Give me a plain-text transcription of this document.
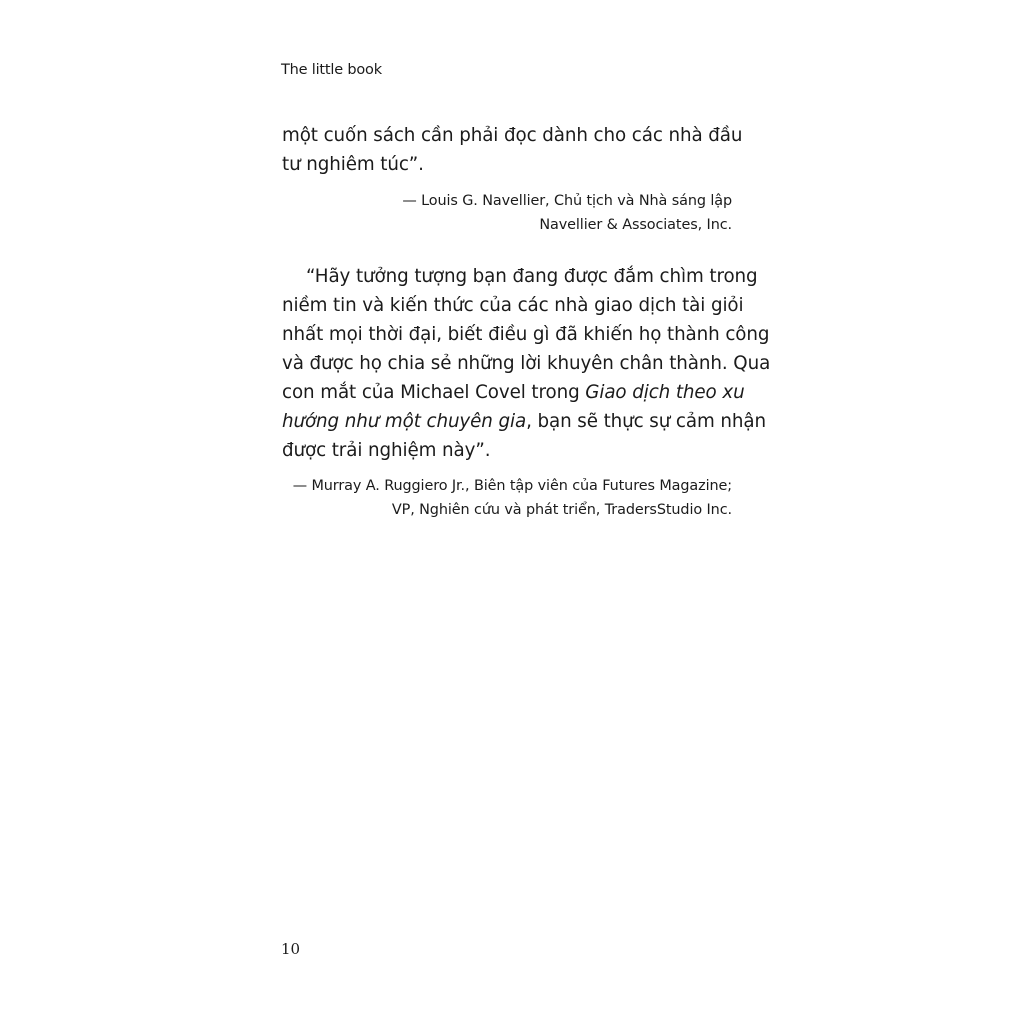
The little book
một cuốn sách cần phải đọc dành cho các nhà đầu
tư nghiêm túc”.
— Louis G. Navellier, Chủ tịch và Nhà sáng lập
Navellier & Associates, Inc.
“Hãy tưởng tượng bạn đang được đắm chìm trong
niềm tin và kiến thức của các nhà giao dịch tài giỏi
nhất mọi thời đại, biết điều gì đã khiến họ thành công
và được họ chia sẻ những lời khuyên chân thành. Qua
con mắt của Michael Covel trong Giao dịch theo xu
hướng như một chuyên gia, bạn sẽ thực sự cảm nhận
được trải nghiệm này”.
— Murray A. Ruggiero Jr., Biên tập viên của Futures Magazine;
VP, Nghiên cứu và phát triển, TradersStudio Inc.
10
